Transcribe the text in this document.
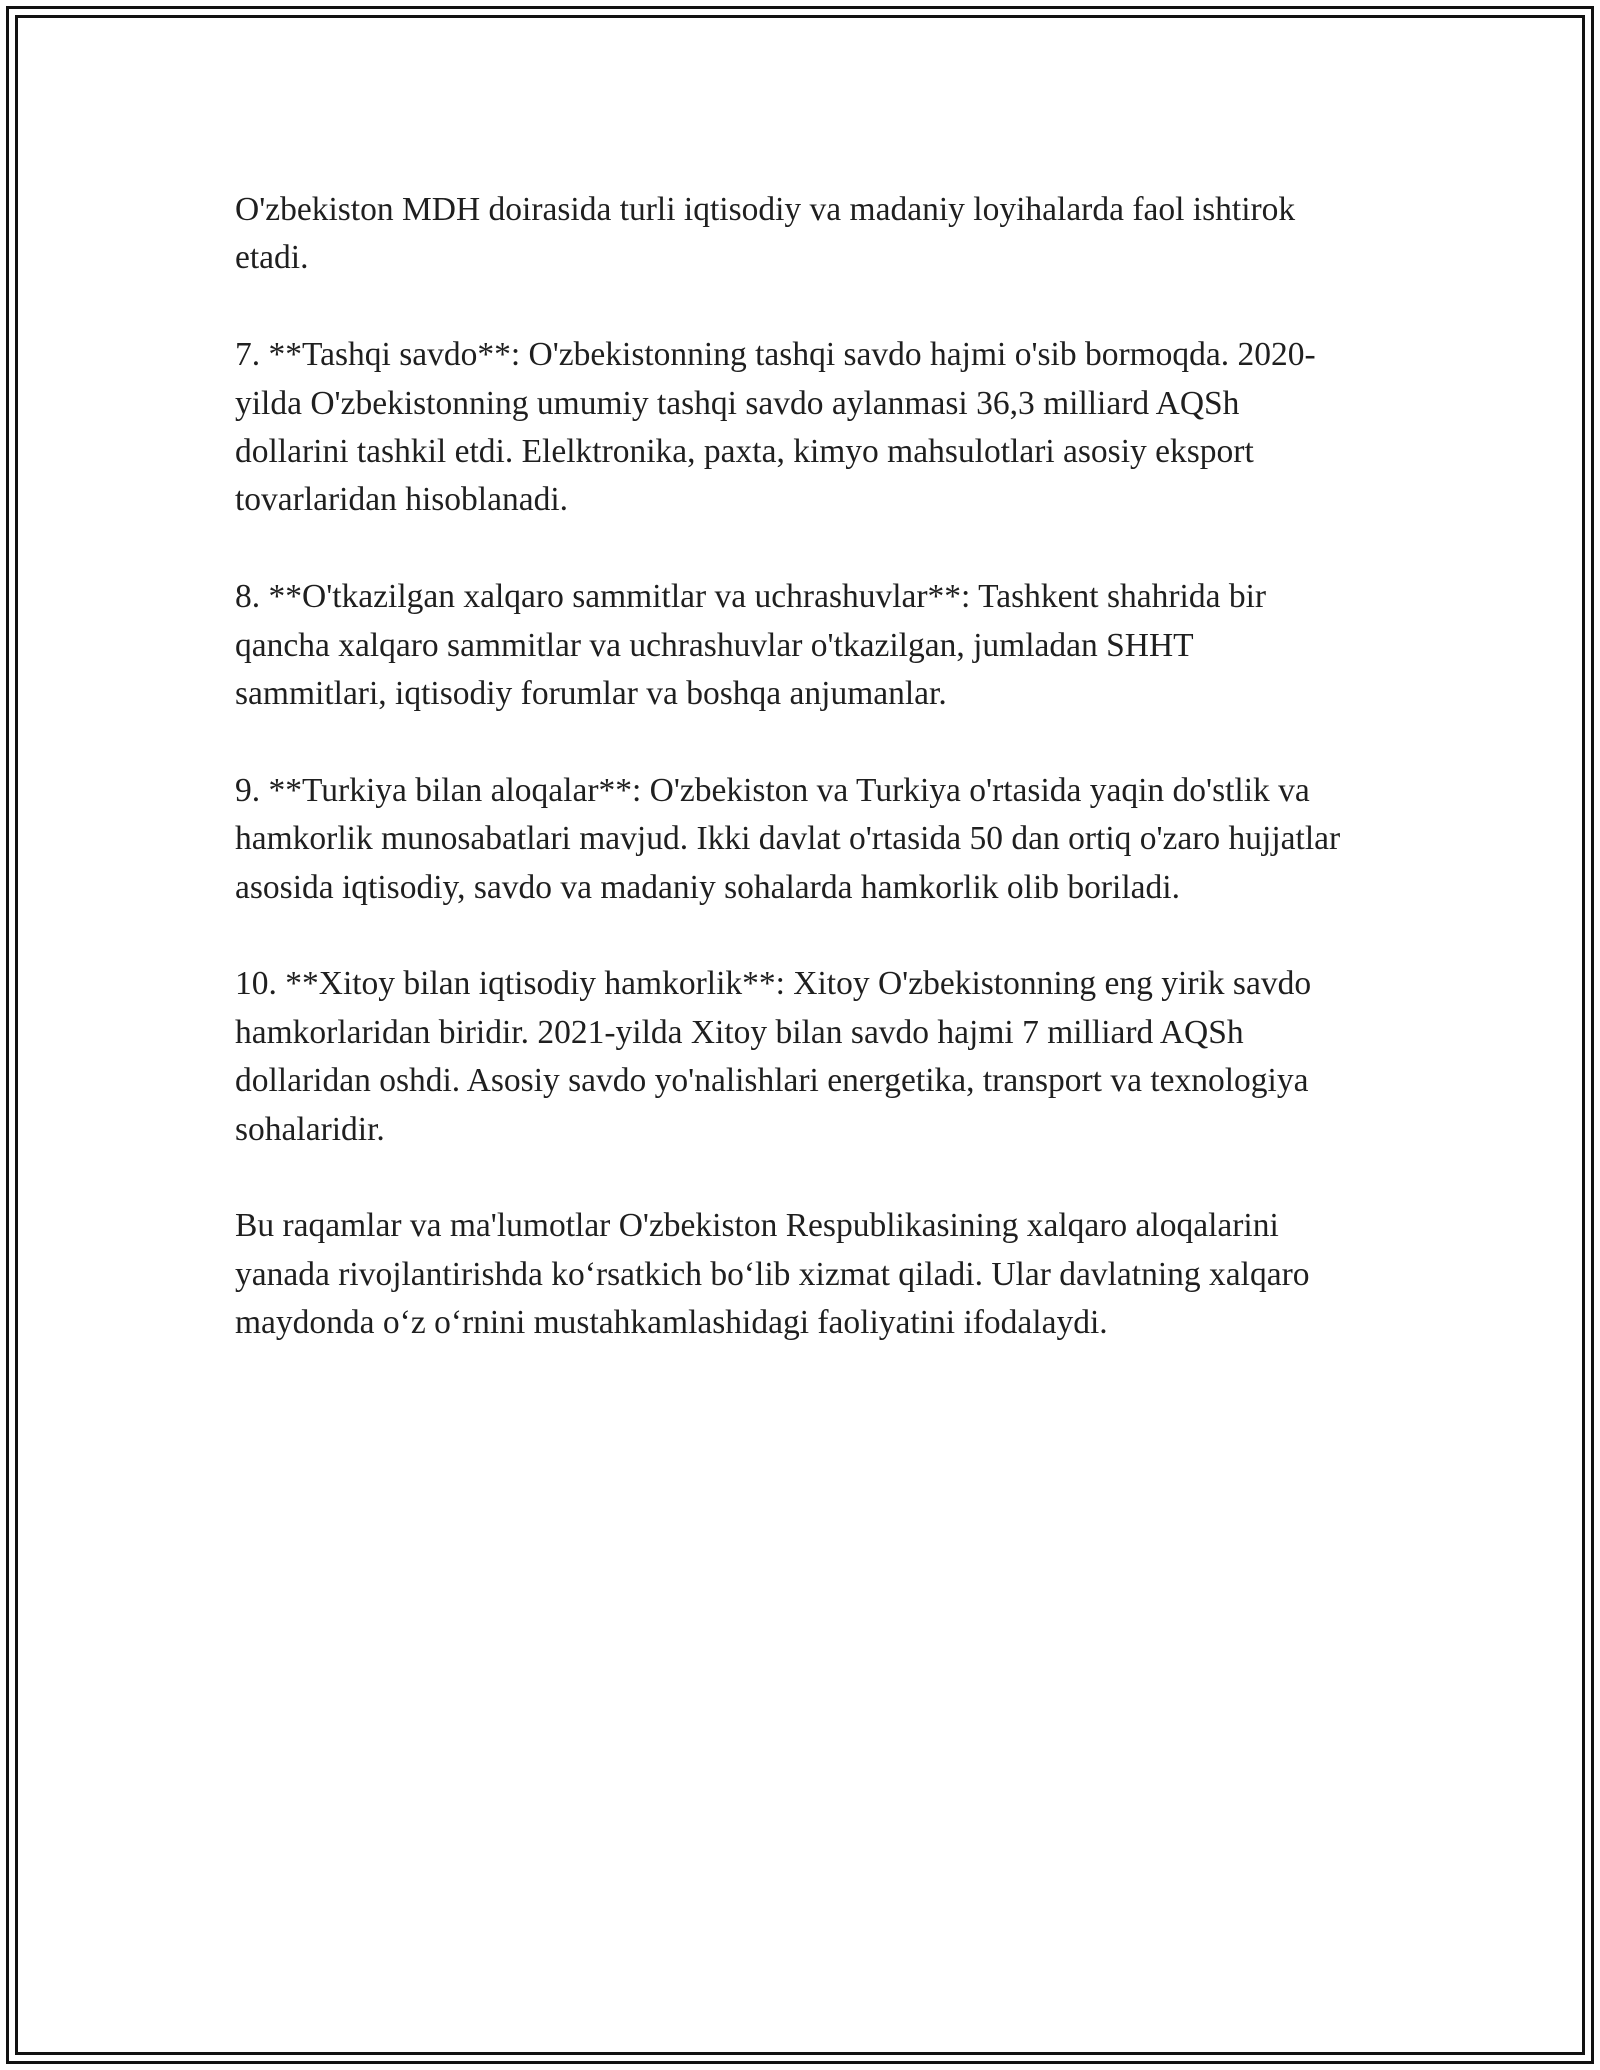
O'zbekiston MDH doirasida turli iqtisodiy va madaniy loyihalarda faol ishtirok etadi.

7. **Tashqi savdo**: O'zbekistonning tashqi savdo hajmi o'sib bormoqda. 2020-yilda O'zbekistonning umumiy tashqi savdo aylanmasi 36,3 milliard AQSh dollarini tashkil etdi. Elelktronika, paxta, kimyo mahsulotlari asosiy eksport tovarlaridan hisoblanadi.

8. **O'tkazilgan xalqaro sammitlar va uchrashuvlar**: Tashkent shahrida bir qancha xalqaro sammitlar va uchrashuvlar o'tkazilgan, jumladan SHHT sammitlari, iqtisodiy forumlar va boshqa anjumanlar.

9. **Turkiya bilan aloqalar**: O'zbekiston va Turkiya o'rtasida yaqin do'stlik va hamkorlik munosabatlari mavjud. Ikki davlat o'rtasida 50 dan ortiq o'zaro hujjatlar asosida iqtisodiy, savdo va madaniy sohalarda hamkorlik olib boriladi.

10. **Xitoy bilan iqtisodiy hamkorlik**: Xitoy O'zbekistonning eng yirik savdo hamkorlaridan biridir. 2021-yilda Xitoy bilan savdo hajmi 7 milliard AQSh dollaridan oshdi. Asosiy savdo yo'nalishlari energetika, transport va texnologiya sohalaridir.

Bu raqamlar va ma'lumotlar O'zbekiston Respublikasining xalqaro aloqalarini yanada rivojlantirishda ko‘rsatkich bo‘lib xizmat qiladi. Ular davlatning xalqaro maydonda o‘z o‘rnini mustahkamlashidagi faoliyatini ifodalaydi.
